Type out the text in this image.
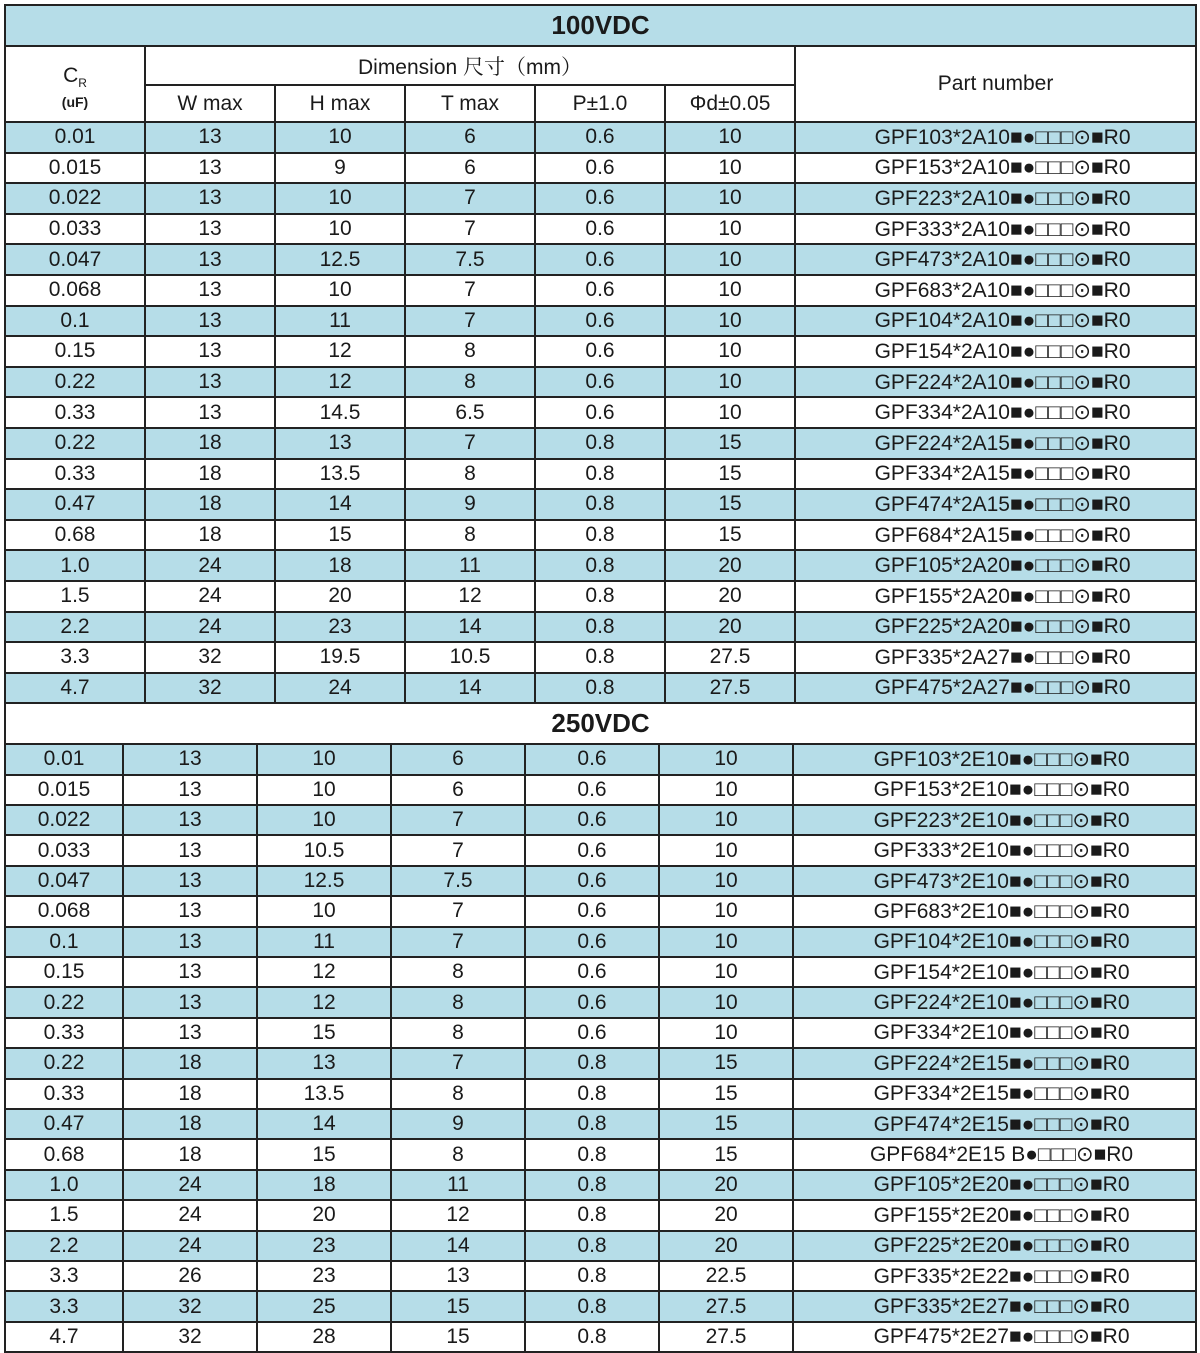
100VDC						

$C_R$
(uF)	Dimension 尺寸（mm）					Part number
	W max	H max	T max	P±1.0	Φd±0.05	
0.01	13	10	6	0.6	10	GPF103*2A10■●□□□⊙■R0
0.015	13	9	6	0.6	10	GPF153*2A10■●□□□⊙■R0
0.022	13	10	7	0.6	10	GPF223*2A10■●□□□⊙■R0
0.033	13	10	7	0.6	10	GPF333*2A10■●□□□⊙■R0
0.047	13	12.5	7.5	0.6	10	GPF473*2A10■●□□□⊙■R0
0.068	13	10	7	0.6	10	GPF683*2A10■●□□□⊙■R0
0.1	13	11	7	0.6	10	GPF104*2A10■●□□□⊙■R0
0.15	13	12	8	0.6	10	GPF154*2A10■●□□□⊙■R0
0.22	13	12	8	0.6	10	GPF224*2A10■●□□□⊙■R0
0.33	13	14.5	6.5	0.6	10	GPF334*2A10■●□□□⊙■R0
0.22	18	13	7	0.8	15	GPF224*2A15■●□□□⊙■R0
0.33	18	13.5	8	0.8	15	GPF334*2A15■●□□□⊙■R0
0.47	18	14	9	0.8	15	GPF474*2A15■●□□□⊙■R0
0.68	18	15	8	0.8	15	GPF684*2A15■●□□□⊙■R0
1.0	24	18	11	0.8	20	GPF105*2A20■●□□□⊙■R0
1.5	24	20	12	0.8	20	GPF155*2A20■●□□□⊙■R0
2.2	24	23	14	0.8	20	GPF225*2A20■●□□□⊙■R0
3.3	32	19.5	10.5	0.8	27.5	GPF335*2A27■●□□□⊙■R0
4.7	32	24	14	0.8	27.5	GPF475*2A27■●□□□⊙■R0
250VDC						
0.01	13	10	6	0.6	10	GPF103*2E10■●□□□⊙■R0
0.015	13	10	6	0.6	10	GPF153*2E10■●□□□⊙■R0
0.022	13	10	7	0.6	10	GPF223*2E10■●□□□⊙■R0
0.033	13	10.5	7	0.6	10	GPF333*2E10■●□□□⊙■R0
0.047	13	12.5	7.5	0.6	10	GPF473*2E10■●□□□⊙■R0
0.068	13	10	7	0.6	10	GPF683*2E10■●□□□⊙■R0
0.1	13	11	7	0.6	10	GPF104*2E10■●□□□⊙■R0
0.15	13	12	8	0.6	10	GPF154*2E10■●□□□⊙■R0
0.22	13	12	8	0.6	10	GPF224*2E10■●□□□⊙■R0
0.33	13	15	8	0.6	10	GPF334*2E10■●□□□⊙■R0
0.22	18	13	7	0.8	15	GPF224*2E15■●□□□⊙■R0
0.33	18	13.5	8	0.8	15	GPF334*2E15■●□□□⊙■R0
0.47	18	14	9	0.8	15	GPF474*2E15■●□□□⊙■R0
0.68	18	15	8	0.8	15	GPF684*2E15 B●□□□⊙■R0
1.0	24	18	11	0.8	20	GPF105*2E20■●□□□⊙■R0
1.5	24	20	12	0.8	20	GPF155*2E20■●□□□⊙■R0
2.2	24	23	14	0.8	20	GPF225*2E20■●□□□⊙■R0
3.3	26	23	13	0.8	22.5	GPF335*2E22■●□□□⊙■R0
3.3	32	25	15	0.8	27.5	GPF335*2E27■●□□□⊙■R0
4.7	32	28	15	0.8	27.5	GPF475*2E27■●□□□⊙■R0
